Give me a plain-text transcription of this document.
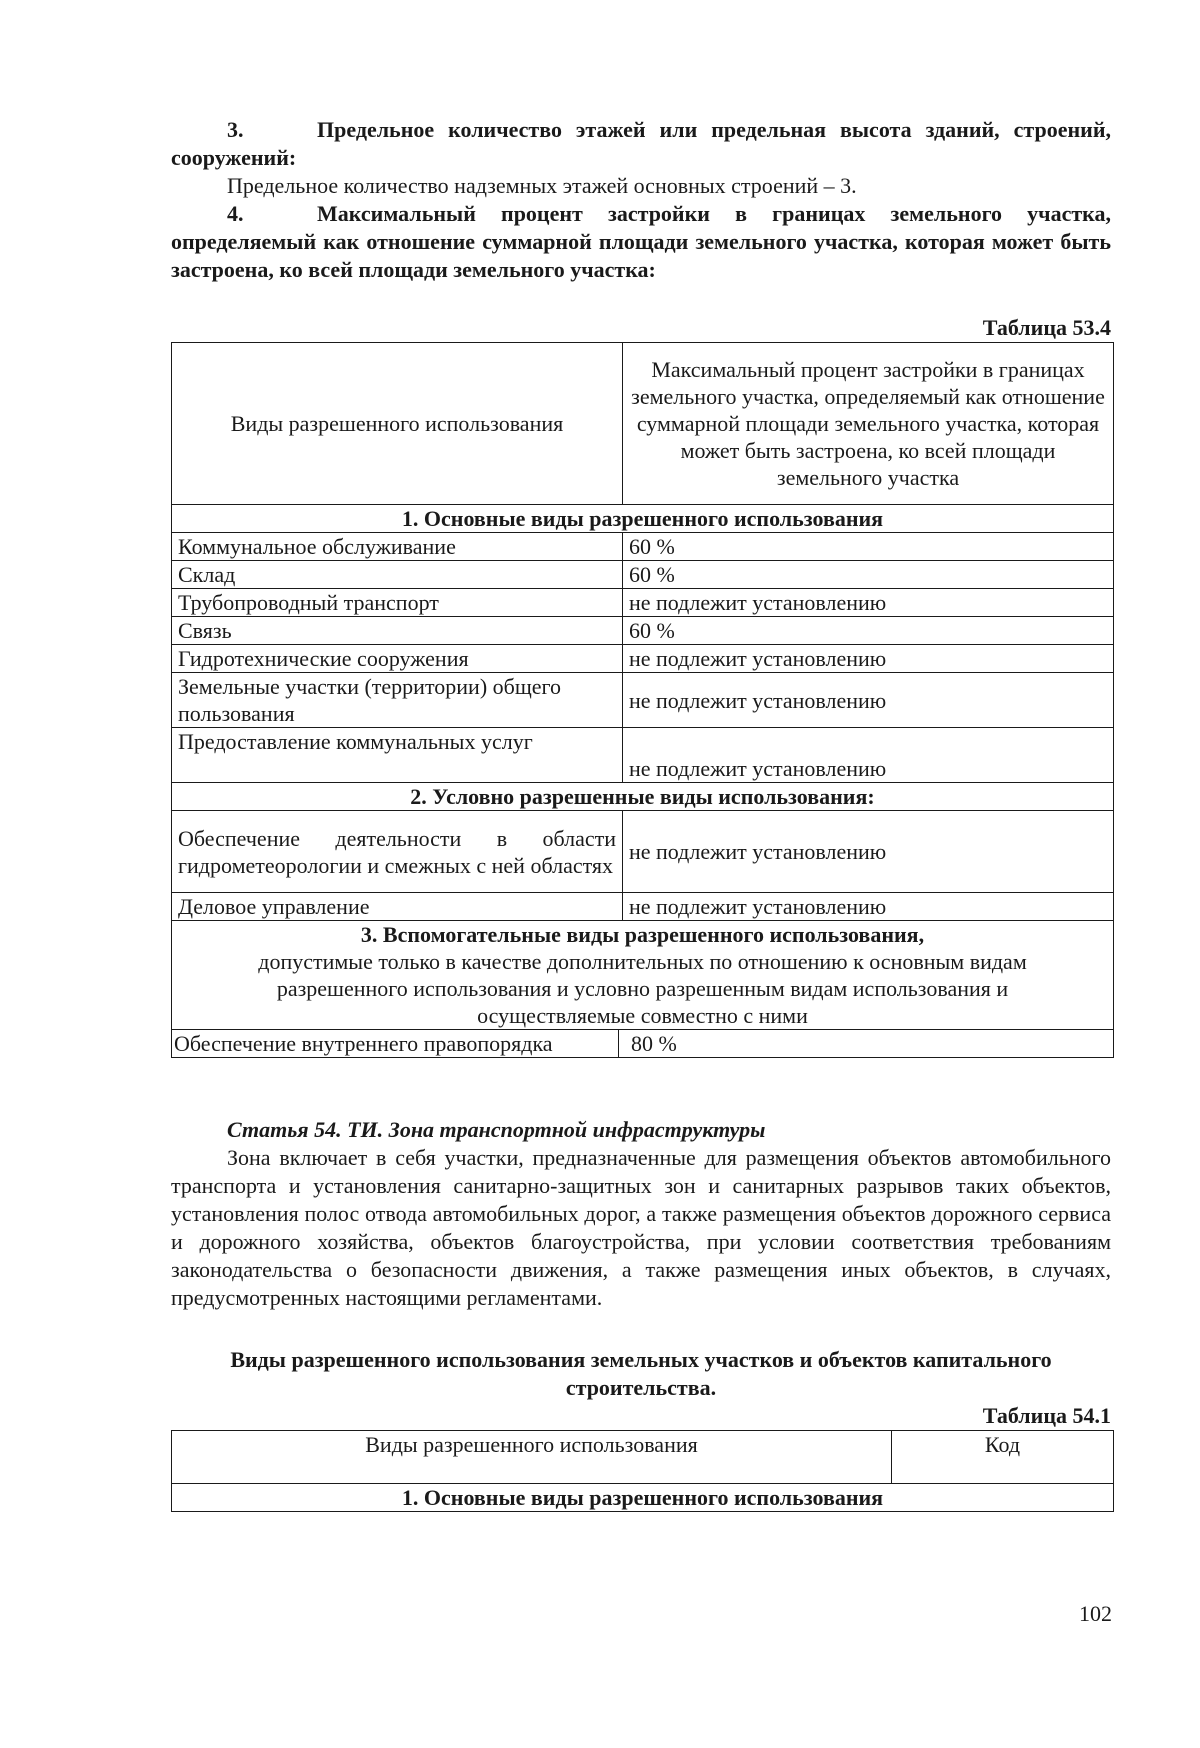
3.	Предельное количество этажей или предельная высота зданий, строений, сооружений:
Предельное количество надземных этажей основных строений – 3.
4.	Максимальный процент застройки в границах земельного участка, определяемый как отношение суммарной площади земельного участка, которая может быть застроена, ко всей площади земельного участка:
Таблица 53.4
Виды разрешенного использования	Максимальный процент застройки в границах земельного участка, определяемый как отношение суммарной площади земельного участка, которая может быть застроена, ко всей площади земельного участка
1. Основные виды разрешенного использования	
Коммунальное обслуживание	60 %
Склад	60 %
Трубопроводный транспорт	не подлежит установлению
Связь	60 %
Гидротехнические сооружения	не подлежит установлению
Земельные участки (территории) общего пользования	не подлежит установлению
Предоставление коммунальных услуг	не подлежит установлению
2. Условно разрешенные виды использования:	
Обеспечение деятельности в области гидрометеорологии и смежных с ней областях	не подлежит установлению
Деловое управление	не подлежит установлению

3. Вспомогательные виды разрешенного использования,
допустимые только в качестве дополнительных по отношению к основным видам разрешенного использования и условно разрешенным видам использования и осуществляемые совместно с ними	

Обеспечение внутреннего правопорядка 80 %	
Статья 54. ТИ. Зона транспортной инфраструктуры
Зона включает в себя участки, предназначенные для размещения объектов автомобильного транспорта и установления санитарно-защитных зон и санитарных разрывов таких объектов, установления полос отвода автомобильных дорог, а также размещения объектов дорожного сервиса и дорожного хозяйства, объектов благоустройства, при условии соответствия требованиям законодательства о безопасности движения, а также размещения иных объектов, в случаях, предусмотренных настоящими регламентами.
Виды разрешенного использования земельных участков и объектов капитального строительства.
Таблица 54.1
Виды разрешенного использования	Код
1. Основные виды разрешенного использования
102
